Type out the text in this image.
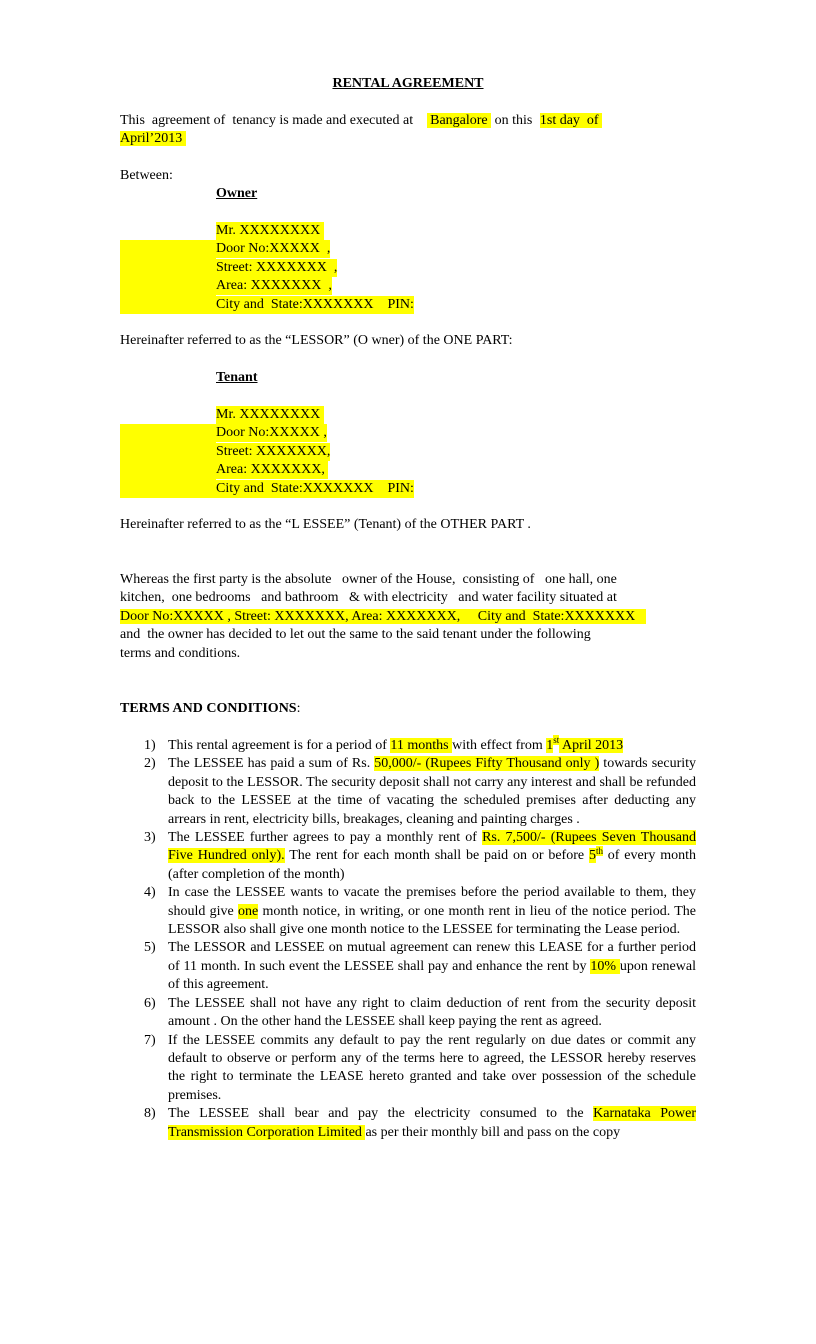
RENTAL AGREEMENT
This  agreement of  tenancy is made and executed at  Bangalore  on this 1st day  of
April’2013
Between:
Owner
Mr. XXXXXXXX
Door No:XXXXX  ,
Street: XXXXXXX  ,
Area: XXXXXXX  ,
City and  State:XXXXXXX    PIN:
Hereinafter referred to as the “LESSOR” (O wner) of the ONE PART:
Tenant
Mr. XXXXXXXX
Door No:XXXXX ,
Street: XXXXXXX,
Area: XXXXXXX,
City and  State:XXXXXXX    PIN:
Hereinafter referred to as the “L ESSEE” (Tenant) of the OTHER PART .
Whereas the first party is the absolute   owner of the House,  consisting of   one hall, one
kitchen,  one bedrooms   and bathroom   & with electricity   and water facility situated at
Door No:XXXXX , Street: XXXXXXX, Area: XXXXXXX,     City and  State:XXXXXXX
and  the owner has decided to let out the same to the said tenant under the following
terms and conditions.
TERMS AND CONDITIONS:
1) This rental agreement is for a period of 11 months with effect from 1st April 2013
2) The LESSEE has paid a sum of Rs. 50,000/- (Rupees Fifty Thousand only ) towards security deposit to the LESSOR. The security deposit shall not carry any interest and shall be refunded back to the LESSEE at the time of vacating the scheduled premises after deducting any arrears in rent, electricity bills, breakages, cleaning and painting charges .
3) The LESSEE further agrees to pay a monthly rent of Rs. 7,500/- (Rupees Seven Thousand Five Hundred only). The rent for each month shall be paid on or before 5th of every month (after completion of the month)
4) In case the LESSEE wants to vacate the premises before the period available to them, they should give one month notice, in writing, or one month rent in lieu of the notice period. The LESSOR also shall give one month notice to the LESSEE for terminating the Lease period.
5) The LESSOR and LESSEE on mutual agreement can renew this LEASE for a further period of 11 month. In such event the LESSEE shall pay and enhance the rent by 10% upon renewal of this agreement.
6) The LESSEE shall not have any right to claim deduction of rent from the security deposit amount . On the other hand the LESSEE shall keep paying the rent as agreed.
7) If the LESSEE commits any default to pay the rent regularly on due dates or commit any default to observe or perform any of the terms here to agreed, the LESSOR hereby reserves the right to terminate the LEASE hereto granted and take over possession of the schedule premises.
8) The LESSEE shall bear and pay the electricity consumed to the Karnataka Power Transmission Corporation Limited as per their monthly bill and pass on the copy
